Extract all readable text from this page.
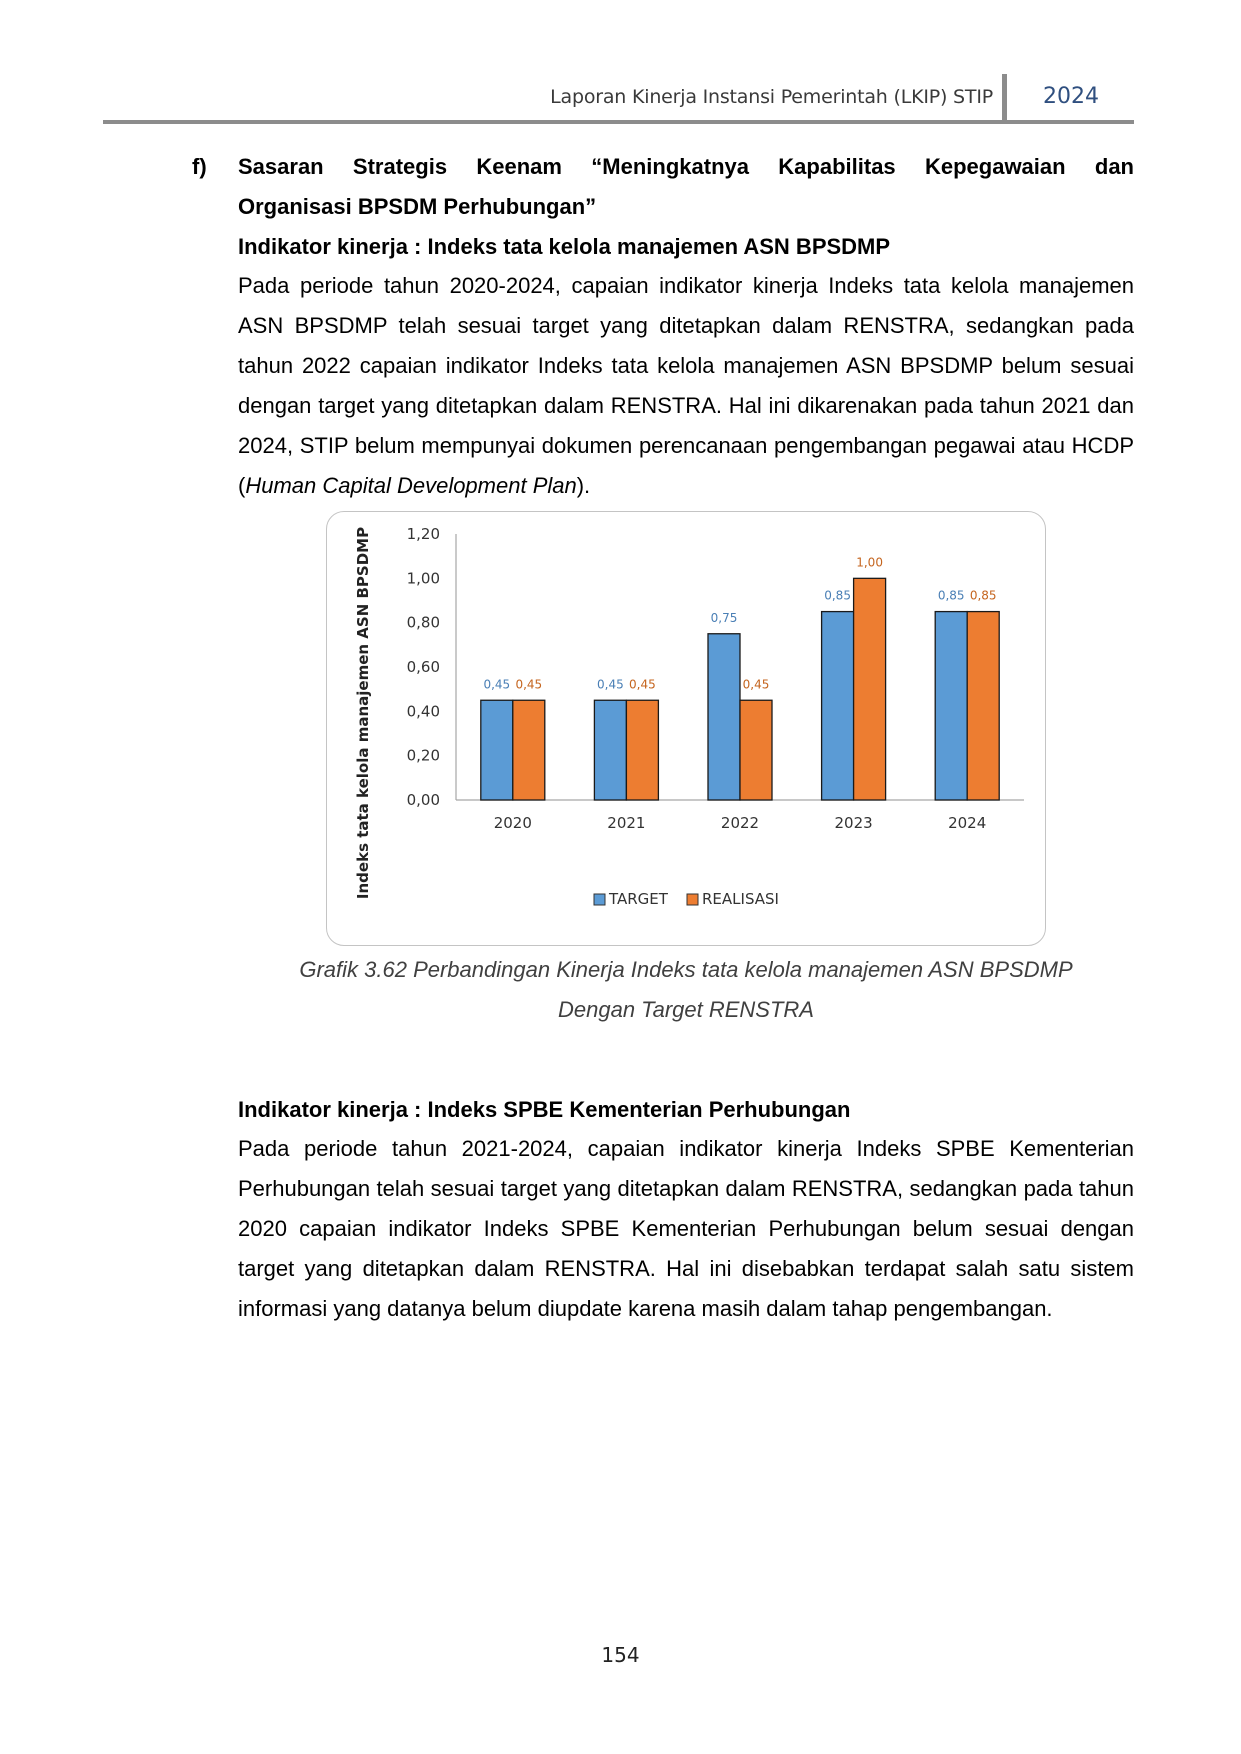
Laporan Kinerja Instansi Pemerintah (LKIP) STIP 2024
f) Sasaran Strategis Keenam “Meningkatnya Kapabilitas Kepegawaian dan
Organisasi BPSDM Perhubungan”
Indikator kinerja : Indeks tata kelola manajemen ASN BPSDMP

Pada periode tahun 2020-2024, capaian indikator kinerja Indeks tata kelola manajemen ASN BPSDMP telah sesuai target yang ditetapkan dalam RENSTRA, sedangkan pada tahun 2022 capaian indikator Indeks tata kelola manajemen ASN BPSDMP belum sesuai dengan target yang ditetapkan dalam RENSTRA. Hal ini dikarenakan pada tahun 2021 dan 2024, STIP belum mempunyai dokumen perencanaan pengembangan pegawai atau HCDP (Human Capital Development Plan).

0,00
0,20
0,40
0,60
0,80
1,00
1,20
Indeks tata kelola manajemen ASN BPSDMP	0,45 0,45
2020
0,45 0,45
2021
0,75
0,45
2022
0,85
1,00
2023
0,85 0,85
2024
TARGET REALISASI
Grafik 3.62 Perbandingan Kinerja Indeks tata kelola manajemen ASN BPSDMP
Dengan Target RENSTRA
Indikator kinerja : Indeks SPBE Kementerian Perhubungan

Pada periode tahun 2021-2024, capaian indikator kinerja Indeks SPBE Kementerian Perhubungan telah sesuai target yang ditetapkan dalam RENSTRA, sedangkan pada tahun 2020 capaian indikator Indeks SPBE Kementerian Perhubungan belum sesuai dengan target yang ditetapkan dalam RENSTRA. Hal ini disebabkan terdapat salah satu sistem informasi yang datanya belum diupdate karena masih dalam tahap pengembangan.

154
